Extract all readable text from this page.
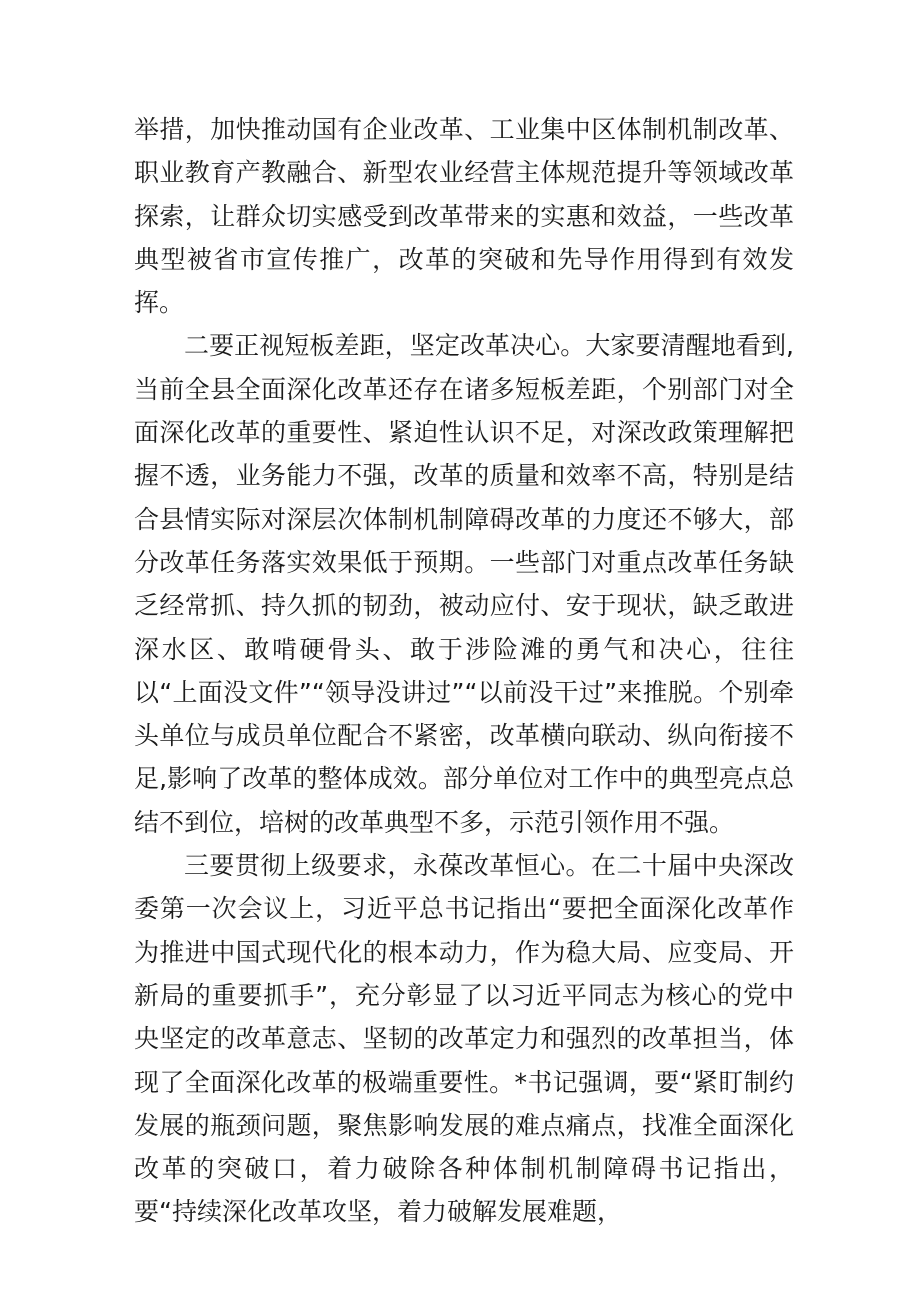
举措，加快推动国有企业改革、工业集中区体制机制改革、职业教育产教融合、新型农业经营主体规范提升等领域改革探索，让群众切实感受到改革带来的实惠和效益，一些改革典型被省市宣传推广，改革的突破和先导作用得到有效发挥。

二要正视短板差距，坚定改革决心。大家要清醒地看到,当前全县全面深化改革还存在诸多短板差距，个别部门对全面深化改革的重要性、紧迫性认识不足，对深改政策理解把握不透，业务能力不强，改革的质量和效率不高，特别是结合县情实际对深层次体制机制障碍改革的力度还不够大，部分改革任务落实效果低于预期。一些部门对重点改革任务缺乏经常抓、持久抓的韧劲，被动应付、安于现状，缺乏敢进深水区、敢啃硬骨头、敢于涉险滩的勇气和决心，往往以“上面没文件”“领导没讲过”“以前没干过”来推脱。个别牵头单位与成员单位配合不紧密，改革横向联动、纵向衔接不足,影响了改革的整体成效。部分单位对工作中的典型亮点总结不到位，培树的改革典型不多，示范引领作用不强。

三要贯彻上级要求，永葆改革恒心。在二十届中央深改委第一次会议上，习近平总书记指出“要把全面深化改革作为推进中国式现代化的根本动力，作为稳大局、应变局、开新局的重要抓手”，充分彰显了以习近平同志为核心的党中央坚定的改革意志、坚韧的改革定力和强烈的改革担当，体现了全面深化改革的极端重要性。*书记强调，要“紧盯制约发展的瓶颈问题，聚焦影响发展的难点痛点，找准全面深化改革的突破口，着力破除各种体制机制障碍书记指出，要“持续深化改革攻坚，着力破解发展难题，
